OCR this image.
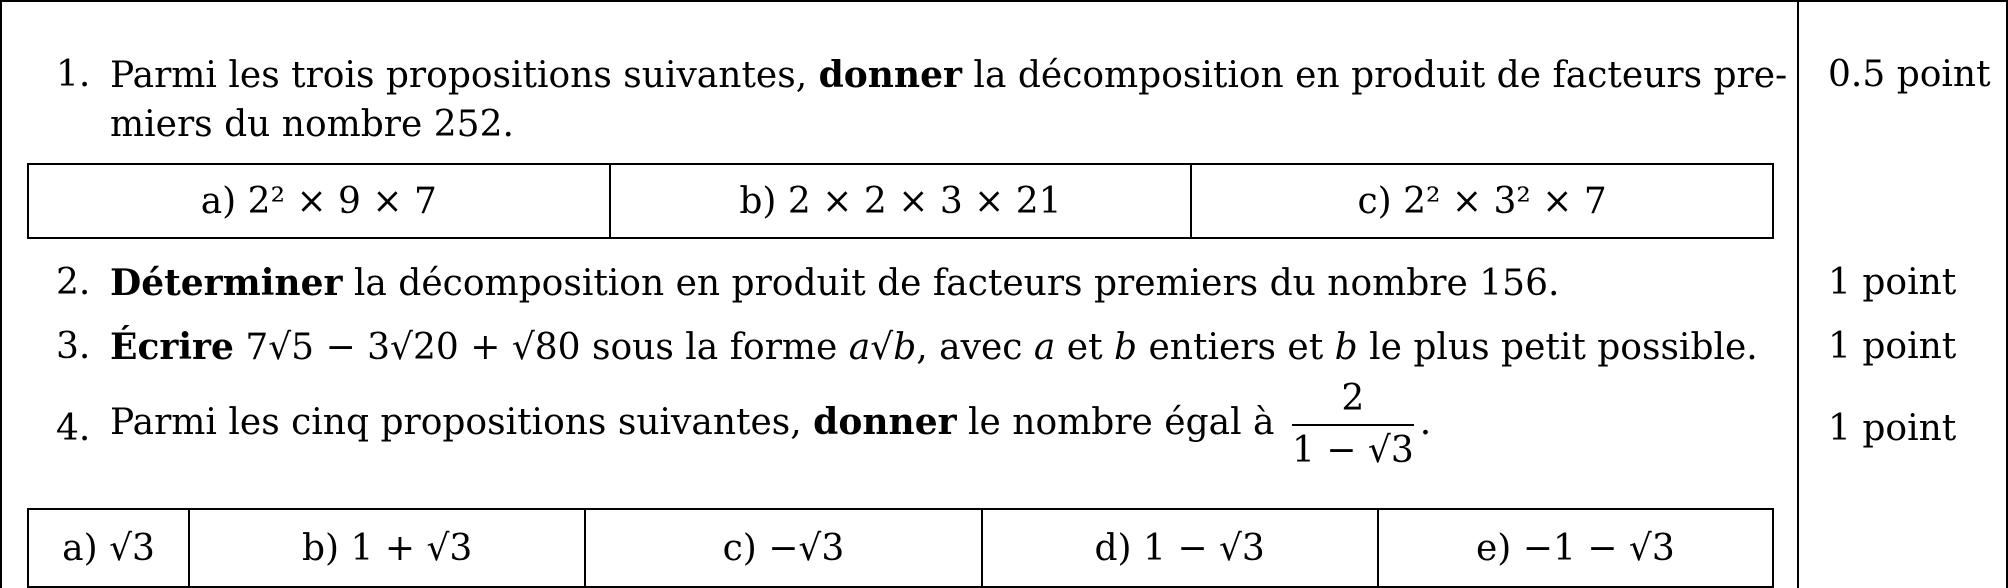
1. Parmi les trois propositions suivantes, donner la décomposition en produit de facteurs pre-
miers du nombre 252.
0.5 point
a) 2² × 9 × 7	b) 2 × 2 × 3 × 21	c) 2² × 3² × 7
2. Déterminer la décomposition en produit de facteurs premiers du nombre 156.	1 point
3. Écrire 7√5 − 3√20 + √80 sous la forme a√b, avec a et b entiers et b le plus petit possible. 1 point
4. Parmi les cinq propositions suivantes, donner le nombre égal à $\frac{2}{1 - √3}$ .	1 point
a) √3	b) 1 + √3	c) −√3	d) 1 − √3	e) −1 − √3
